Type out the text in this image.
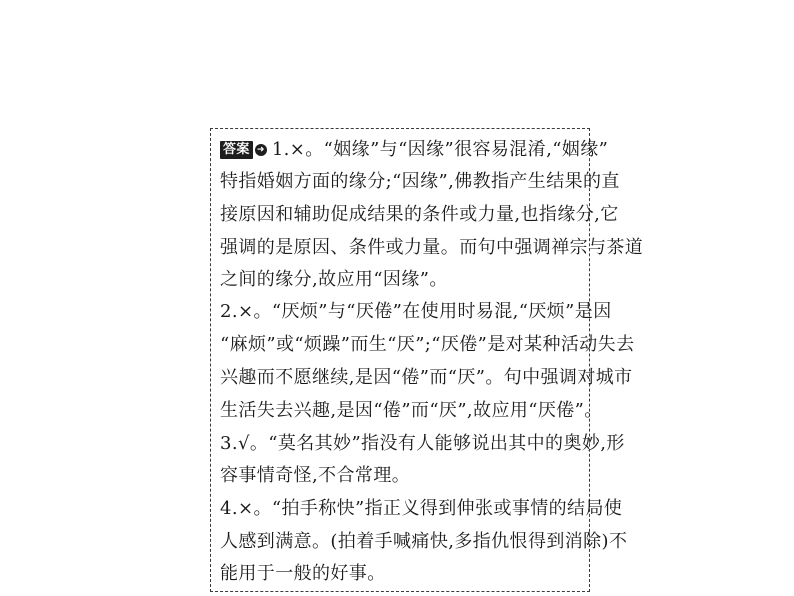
答案 ➜ 1.×。“姻缘”与“因缘”很容易混淆,“姻缘”
特指婚姻方面的缘分;“因缘”,佛教指产生结果的直
接原因和辅助促成结果的条件或力量,也指缘分,它
强调的是原因、条件或力量。而句中强调禅宗与茶道
之间的缘分,故应用“因缘”。
2.×。“厌烦”与“厌倦”在使用时易混,“厌烦”是因
“麻烦”或“烦躁”而生“厌”;“厌倦”是对某种活动失去
兴趣而不愿继续,是因“倦”而“厌”。句中强调对城市
生活失去兴趣,是因“倦”而“厌”,故应用“厌倦”。
3.√。“莫名其妙”指没有人能够说出其中的奥妙,形
容事情奇怪,不合常理。
4.×。“拍手称快”指正义得到伸张或事情的结局使
人感到满意。(拍着手喊痛快,多指仇恨得到消除)不
能用于一般的好事。
